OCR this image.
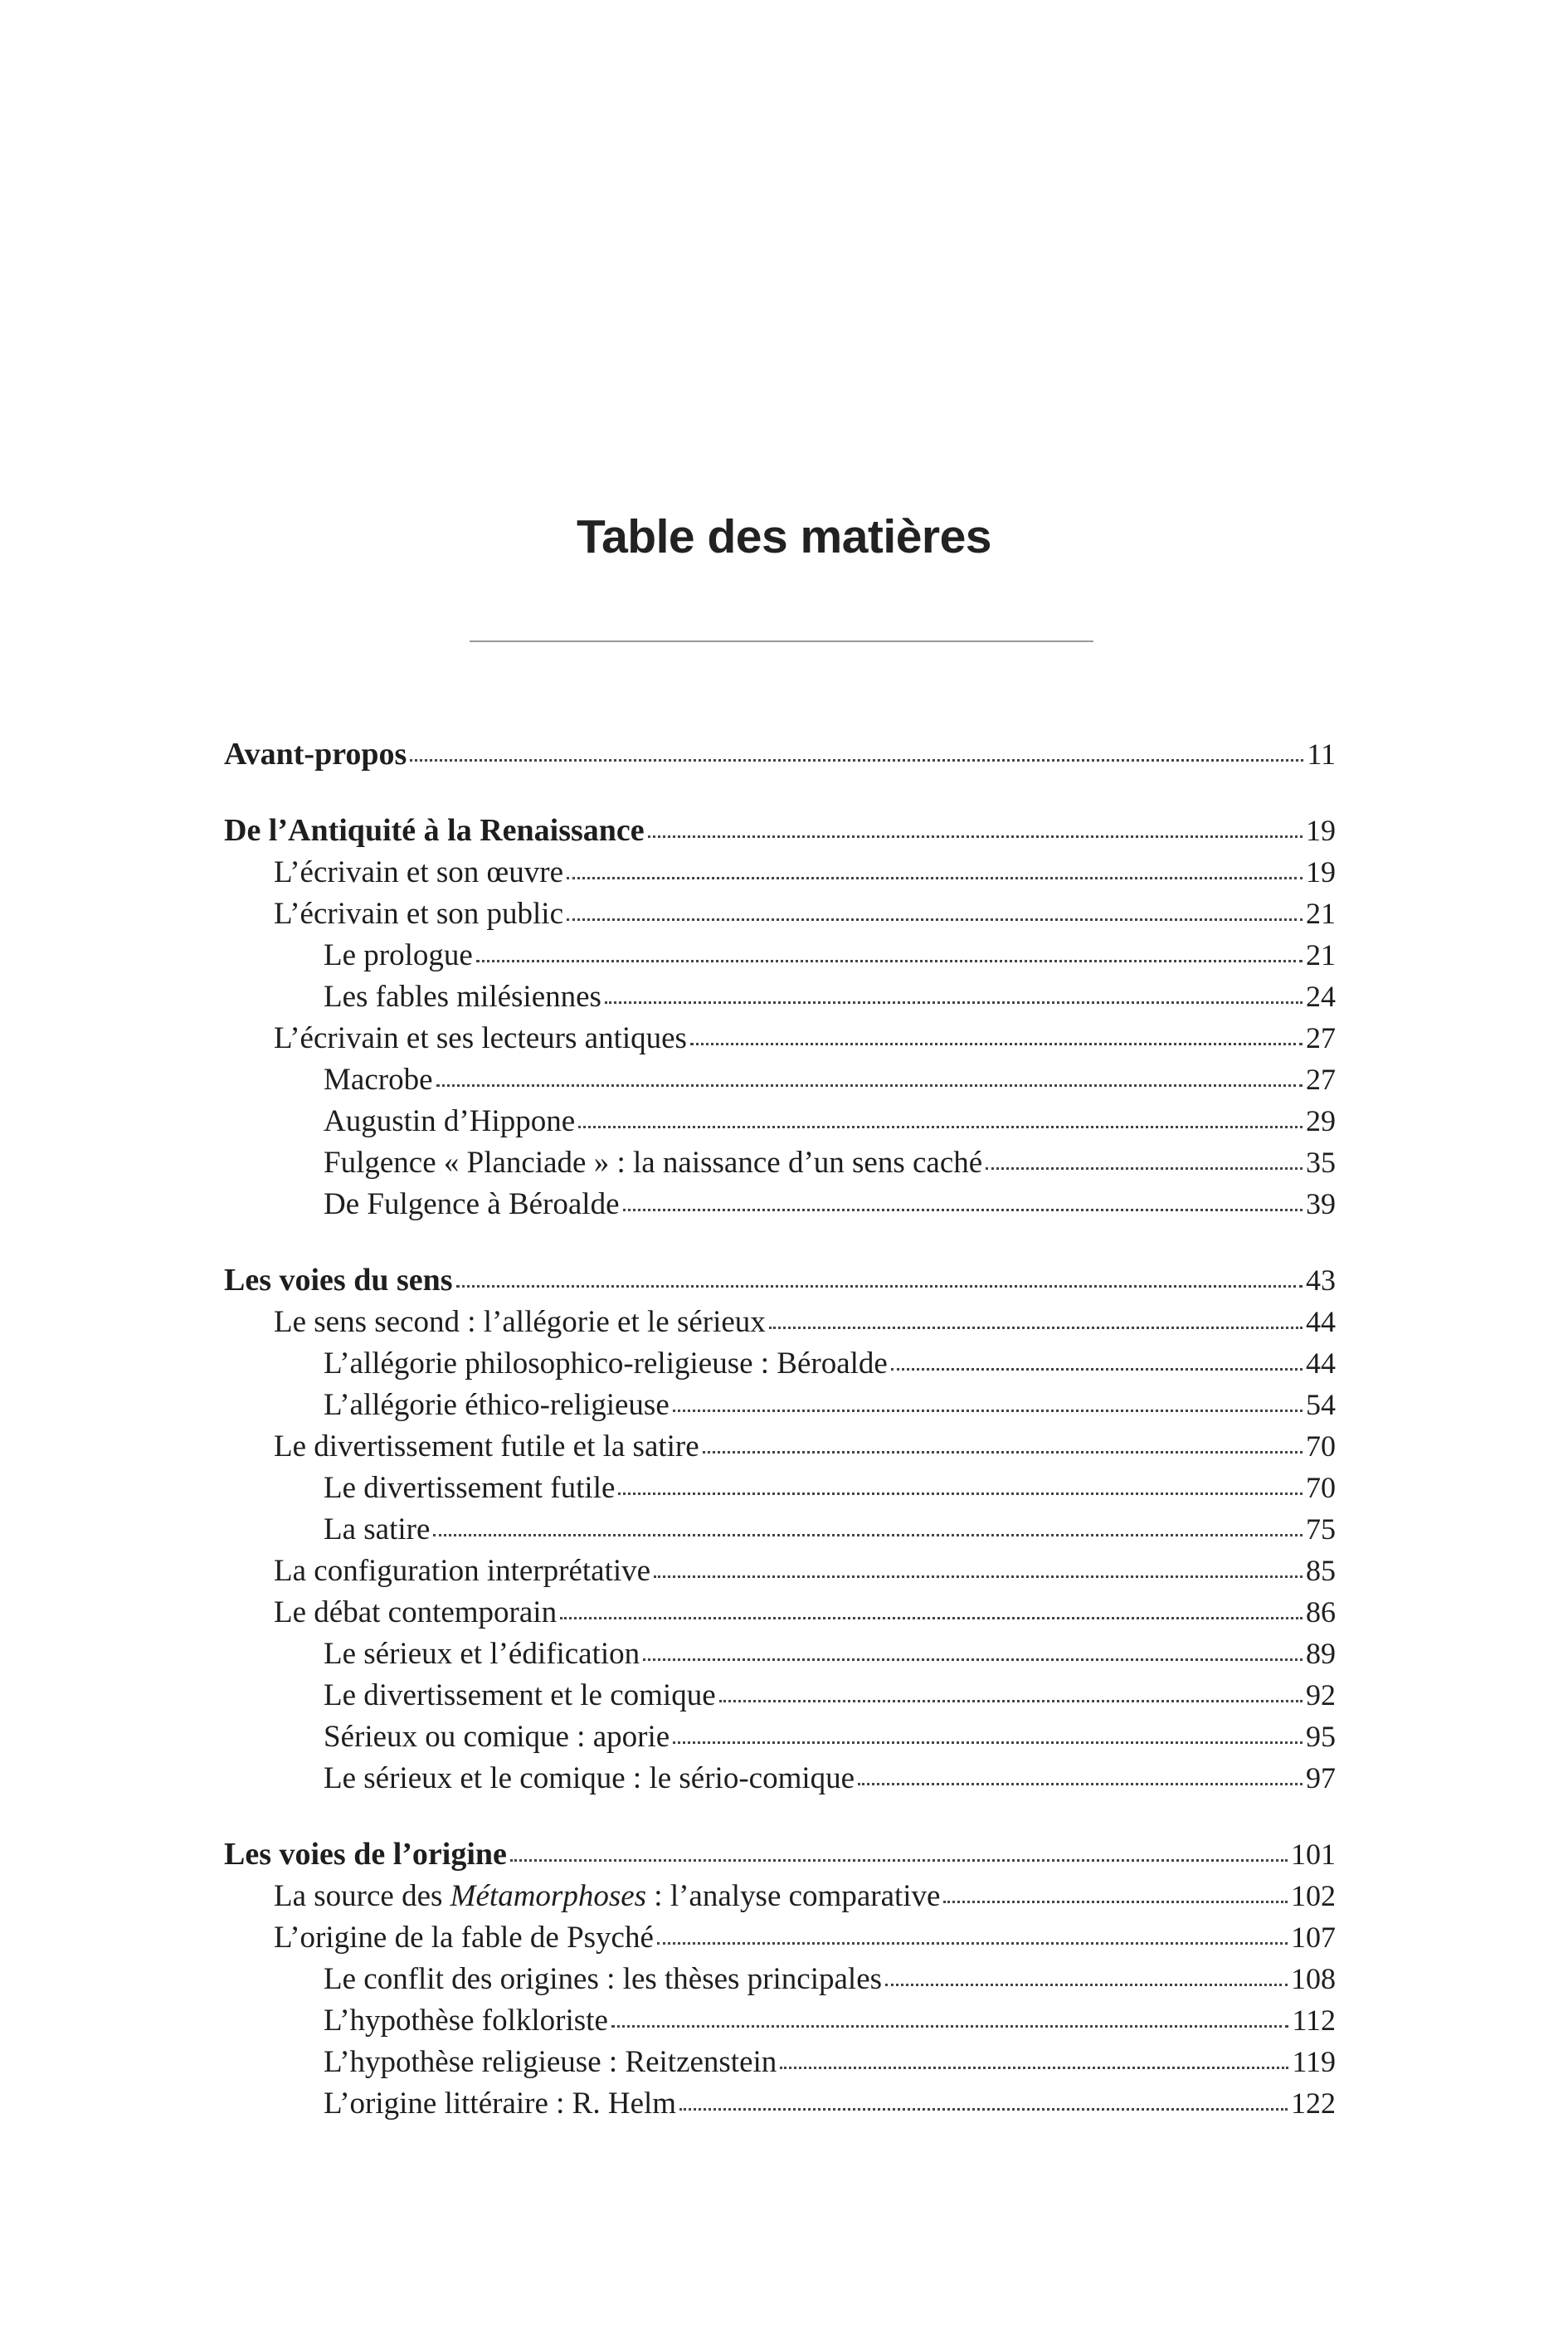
Table des matières
Avant-propos	11
De l’Antiquité à la Renaissance	19
L’écrivain et son œuvre	19
L’écrivain et son public	21
Le prologue	21
Les fables milésiennes	24
L’écrivain et ses lecteurs antiques	27
Macrobe	27
Augustin d’Hippone	29
Fulgence « Planciade » : la naissance d’un sens caché	35
De Fulgence à Béroalde	39
Les voies du sens	43
Le sens second : l’allégorie et le sérieux	44
L’allégorie philosophico-religieuse : Béroalde	44
L’allégorie éthico-religieuse	54
Le divertissement futile et la satire	70
Le divertissement futile	70
La satire	75
La configuration interprétative	85
Le débat contemporain	86
Le sérieux et l’édification	89
Le divertissement et le comique	92
Sérieux ou comique : aporie	95
Le sérieux et le comique : le sério-comique	97
Les voies de l’origine	101
La source des Métamorphoses : l’analyse comparative	102
L’origine de la fable de Psyché	107
Le conflit des origines : les thèses principales	108
L’hypothèse folkloriste	112
L’hypothèse religieuse : Reitzenstein	119
L’origine littéraire : R. Helm	122
